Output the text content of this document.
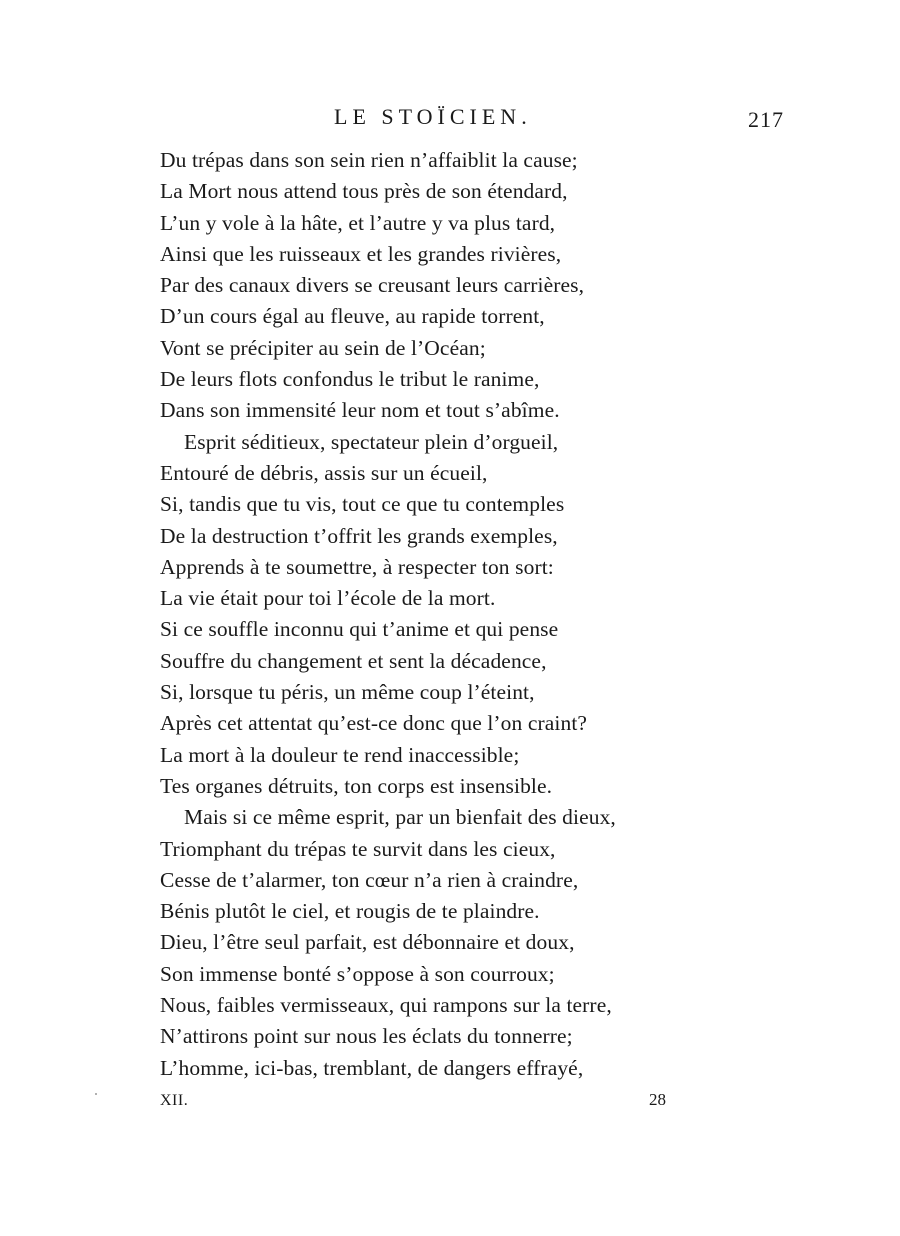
LE STOÏCIEN.	217
Du trépas dans son sein rien n’affaiblit la cause;
La Mort nous attend tous près de son étendard,
L’un y vole à la hâte, et l’autre y va plus tard,
Ainsi que les ruisseaux et les grandes rivières,
Par des canaux divers se creusant leurs carrières,
D’un cours égal au fleuve, au rapide torrent,
Vont se précipiter au sein de l’Océan;
De leurs flots confondus le tribut le ranime,
Dans son immensité leur nom et tout s’abîme.
Esprit séditieux, spectateur plein d’orgueil,
Entouré de débris, assis sur un écueil,
Si, tandis que tu vis, tout ce que tu contemples
De la destruction t’offrit les grands exemples,
Apprends à te soumettre, à respecter ton sort:
La vie était pour toi l’école de la mort.
Si ce souffle inconnu qui t’anime et qui pense
Souffre du changement et sent la décadence,
Si, lorsque tu péris, un même coup l’éteint,
Après cet attentat qu’est-ce donc que l’on craint?
La mort à la douleur te rend inaccessible;
Tes organes détruits, ton corps est insensible.
Mais si ce même esprit, par un bienfait des dieux,
Triomphant du trépas te survit dans les cieux,
Cesse de t’alarmer, ton cœur n’a rien à craindre,
Bénis plutôt le ciel, et rougis de te plaindre.
Dieu, l’être seul parfait, est débonnaire et doux,
Son immense bonté s’oppose à son courroux;
Nous, faibles vermisseaux, qui rampons sur la terre,
N’attirons point sur nous les éclats du tonnerre;
L’homme, ici-bas, tremblant, de dangers effrayé,
XII.	28
